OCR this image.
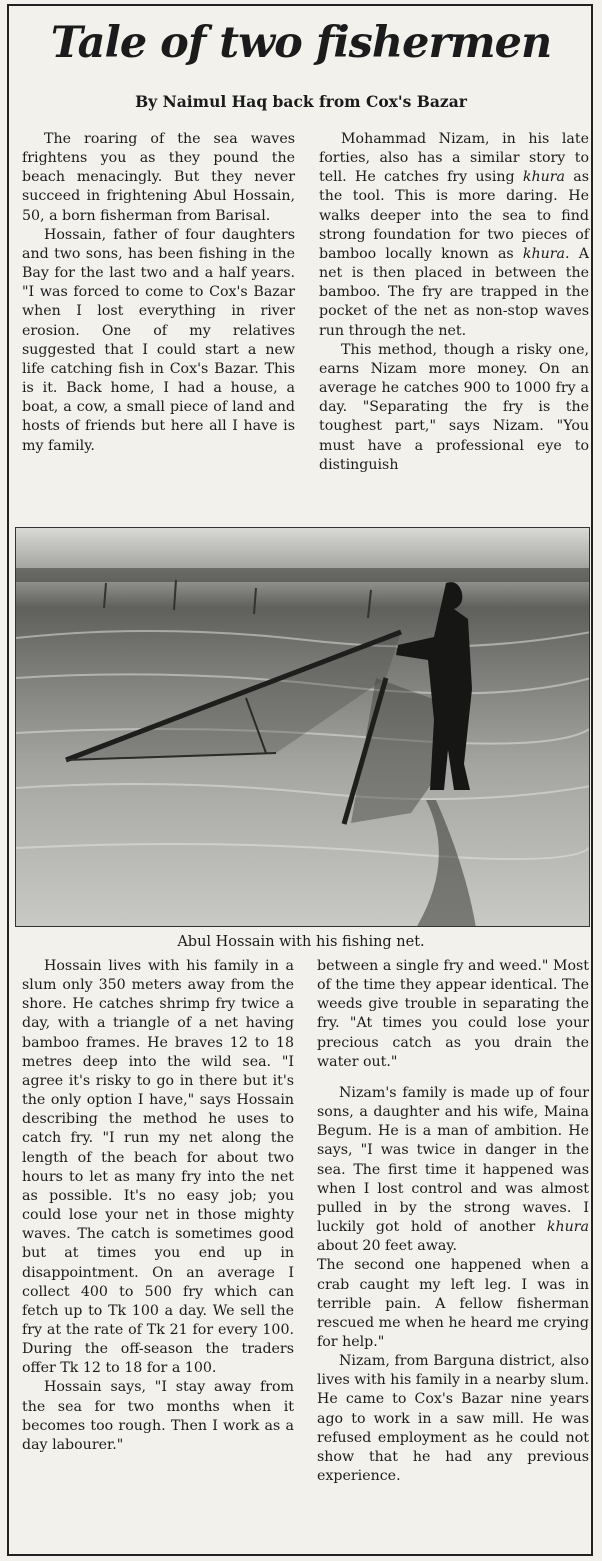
Tale of two fishermen
By Naimul Haq back from Cox's Bazar

The roaring of the sea waves frightens you as they pound the beach menacingly. But they never succeed in frightening Abul Hossain, 50, a born fisherman from Barisal.

Hossain, father of four daughters and two sons, has been fishing in the Bay for the last two and a half years. "I was forced to come to Cox's Bazar when I lost everything in river erosion. One of my relatives suggested that I could start a new life catching fish in Cox's Bazar. This is it. Back home, I had a house, a boat, a cow, a small piece of land and hosts of friends but here all I have is my family.

Mohammad Nizam, in his late forties, also has a similar story to tell. He catches fry using khura as the tool. This is more daring. He walks deeper into the sea to find strong foundation for two pieces of bamboo locally known as khura. A net is then placed in between the bamboo. The fry are trapped in the pocket of the net as non-stop waves run through the net.

This method, though a risky one, earns Nizam more money. On an average he catches 900 to 1000 fry a day. "Separating the fry is the toughest part," says Nizam. "You must have a professional eye to distinguish

Abul Hossain with his fishing net.

Hossain lives with his family in a slum only 350 meters away from the shore. He catches shrimp fry twice a day, with a triangle of a net having bamboo frames. He braves 12 to 18 metres deep into the wild sea. "I agree it's risky to go in there but it's the only option I have," says Hossain describing the method he uses to catch fry. "I run my net along the length of the beach for about two hours to let as many fry into the net as possible. It's no easy job; you could lose your net in those mighty waves. The catch is sometimes good but at times you end up in disappointment. On an average I collect 400 to 500 fry which can fetch up to Tk 100 a day. We sell the fry at the rate of Tk 21 for every 100. During the off-season the traders offer Tk 12 to 18 for a 100.

Hossain says, "I stay away from the sea for two months when it becomes too rough. Then I work as a day labourer."

between a single fry and weed." Most of the time they appear identical. The weeds give trouble in separating the fry. "At times you could lose your precious catch as you drain the water out."

Nizam's family is made up of four sons, a daughter and his wife, Maina Begum. He is a man of ambition. He says, "I was twice in danger in the sea. The first time it happened was when I lost control and was almost pulled in by the strong waves. I luckily got hold of another khura about 20 feet away.

The second one happened when a crab caught my left leg. I was in terrible pain. A fellow fisherman rescued me when he heard me crying for help."

Nizam, from Barguna district, also lives with his family in a nearby slum. He came to Cox's Bazar nine years ago to work in a saw mill. He was refused employment as he could not show that he had any previous experience.
